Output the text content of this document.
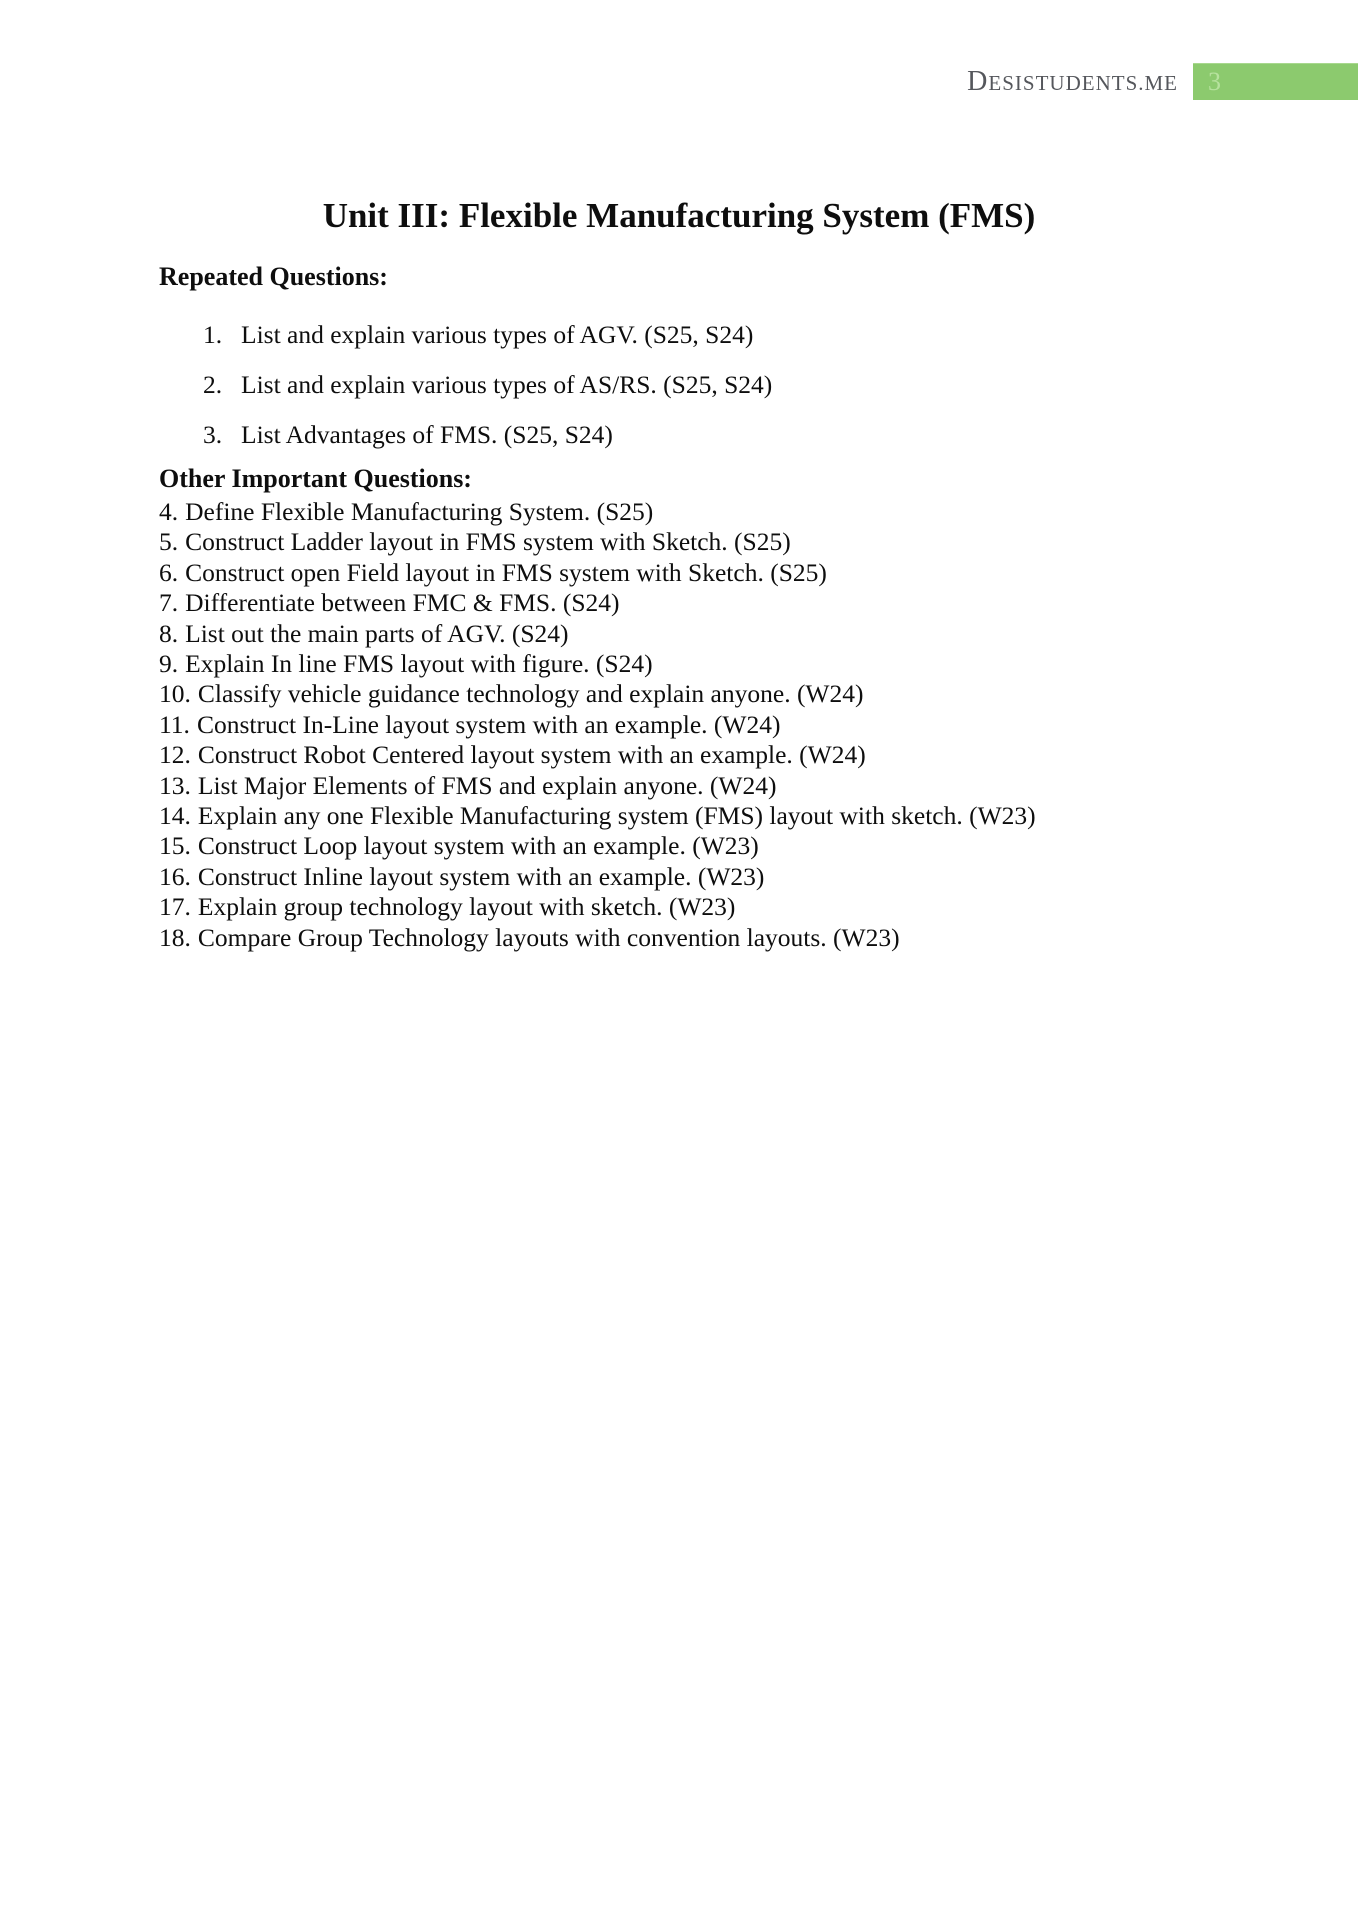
DESISTUDENTS.ME	3
Unit III: Flexible Manufacturing System (FMS)
Repeated Questions:
1. List and explain various types of AGV. (S25, S24)
2. List and explain various types of AS/RS. (S25, S24)
3. List Advantages of FMS. (S25, S24)
Other Important Questions:
4. Define Flexible Manufacturing System. (S25)
5. Construct Ladder layout in FMS system with Sketch. (S25)
6. Construct open Field layout in FMS system with Sketch. (S25)
7. Differentiate between FMC & FMS. (S24)
8. List out the main parts of AGV. (S24)
9. Explain In line FMS layout with figure. (S24)
10. Classify vehicle guidance technology and explain anyone. (W24)
11. Construct In-Line layout system with an example. (W24)
12. Construct Robot Centered layout system with an example. (W24)
13. List Major Elements of FMS and explain anyone. (W24)
14. Explain any one Flexible Manufacturing system (FMS) layout with sketch. (W23)
15. Construct Loop layout system with an example. (W23)
16. Construct Inline layout system with an example. (W23)
17. Explain group technology layout with sketch. (W23)
18. Compare Group Technology layouts with convention layouts. (W23)
